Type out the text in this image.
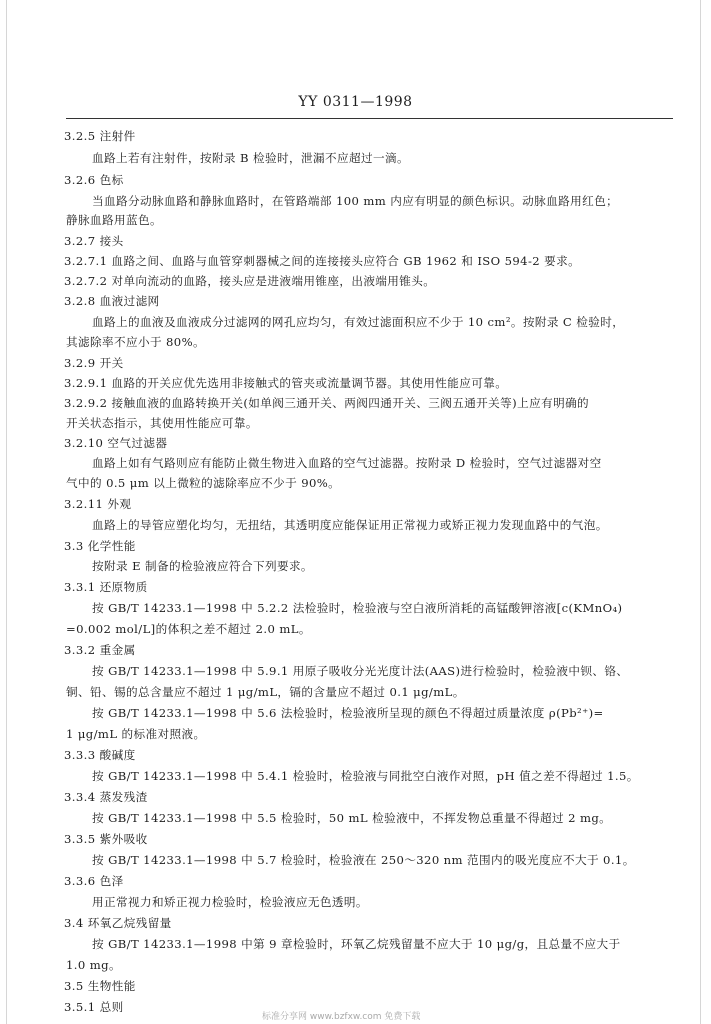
YY 0311—1998
3.2.5 注射件
血路上若有注射件，按附录 B 检验时，泄漏不应超过一滴。
3.2.6 色标
当血路分动脉血路和静脉血路时，在管路端部 100 mm 内应有明显的颜色标识。动脉血路用红色；
静脉血路用蓝色。
3.2.7 接头
3.2.7.1 血路之间、血路与血管穿刺器械之间的连接接头应符合 GB 1962 和 ISO 594-2 要求。
3.2.7.2 对单向流动的血路，接头应是进液端用锥座，出液端用锥头。
3.2.8 血液过滤网
血路上的血液及血液成分过滤网的网孔应均匀，有效过滤面积应不少于 10 cm²。按附录 C 检验时，
其滤除率不应小于 80%。
3.2.9 开关
3.2.9.1 血路的开关应优先选用非接触式的管夹或流量调节器。其使用性能应可靠。
3.2.9.2 接触血液的血路转换开关(如单阀三通开关、两阀四通开关、三阀五通开关等)上应有明确的
开关状态指示，其使用性能应可靠。
3.2.10 空气过滤器
血路上如有气路则应有能防止微生物进入血路的空气过滤器。按附录 D 检验时，空气过滤器对空
气中的 0.5 μm 以上微粒的滤除率应不少于 90%。
3.2.11 外观
血路上的导管应塑化均匀，无扭结，其透明度应能保证用正常视力或矫正视力发现血路中的气泡。
3.3 化学性能
按附录 E 制备的检验液应符合下列要求。
3.3.1 还原物质
按 GB/T 14233.1—1998 中 5.2.2 法检验时，检验液与空白液所消耗的高锰酸钾溶液[c(KMnO₄)
=0.002 mol/L]的体积之差不超过 2.0 mL。
3.3.2 重金属
按 GB/T 14233.1—1998 中 5.9.1 用原子吸收分光光度计法(AAS)进行检验时，检验液中钡、铬、
铜、铅、锡的总含量应不超过 1 μg/mL，镉的含量应不超过 0.1 μg/mL。
按 GB/T 14233.1—1998 中 5.6 法检验时，检验液所呈现的颜色不得超过质量浓度 ρ(Pb²⁺)=
1 μg/mL 的标准对照液。
3.3.3 酸碱度
按 GB/T 14233.1—1998 中 5.4.1 检验时，检验液与同批空白液作对照，pH 值之差不得超过 1.5。
3.3.4 蒸发残渣
按 GB/T 14233.1—1998 中 5.5 检验时，50 mL 检验液中，不挥发物总重量不得超过 2 mg。
3.3.5 紫外吸收
按 GB/T 14233.1—1998 中 5.7 检验时，检验液在 250～320 nm 范围内的吸光度应不大于 0.1。
3.3.6 色泽
用正常视力和矫正视力检验时，检验液应无色透明。
3.4 环氧乙烷残留量
按 GB/T 14233.1—1998 中第 9 章检验时，环氧乙烷残留量不应大于 10 μg/g，且总量不应大于
1.0 mg。
3.5 生物性能
3.5.1 总则
标准分享网 www.bzfxw.com 免费下载
